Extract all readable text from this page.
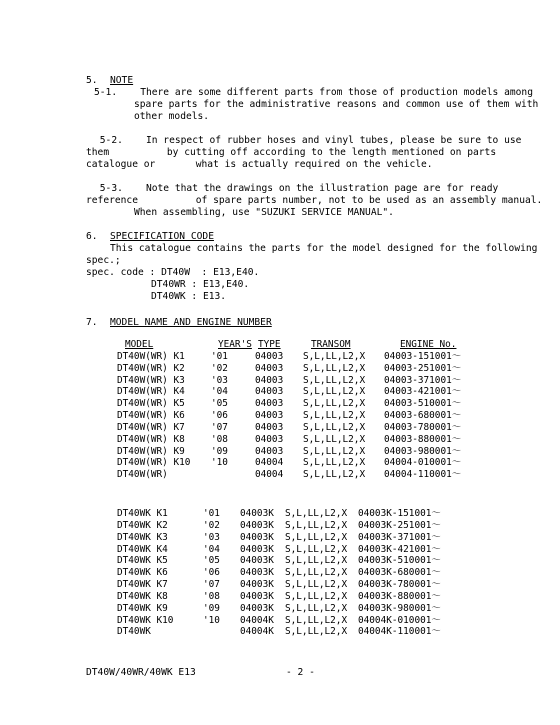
5. NOTE
5-1.    There are some different parts from those of production models among
spare parts for the administrative reasons and common use of them with
other models.
5-2.    In respect of rubber hoses and vinyl tubes, please be sure to use
them          by cutting off according to the length mentioned on parts
catalogue or       what is actually required on the vehicle.
5-3.    Note that the drawings on the illustration page are for ready
reference          of spare parts number, not to be used as an assembly manual.
When assembling, use "SUZUKI SERVICE MANUAL".
6. SPECIFICATION CODE
This catalogue contains the parts for the model designed for the following
spec.;
spec. code : DT40W  : E13,E40.
DT40WR : E13,E40.
DT40WK : E13.
7. MODEL NAME AND ENGINE NUMBER
MODEL	YEAR'S	TYPE	TRANSOM	ENGINE No.
DT40W(WR) K1	'01	04003	S,L,LL,L2,X	04003-151001～
DT40W(WR) K2	'02	04003	S,L,LL,L2,X	04003-251001～
DT40W(WR) K3	'03	04003	S,L,LL,L2,X	04003-371001～
DT40W(WR) K4	'04	04003	S,L,LL,L2,X	04003-421001～
DT40W(WR) K5	'05	04003	S,L,LL,L2,X	04003-510001～
DT40W(WR) K6	'06	04003	S,L,LL,L2,X	04003-680001～
DT40W(WR) K7	'07	04003	S,L,LL,L2,X	04003-780001～
DT40W(WR) K8	'08	04003	S,L,LL,L2,X	04003-880001～
DT40W(WR) K9	'09	04003	S,L,LL,L2,X	04003-980001～
DT40W(WR) K10	'10	04004	S,L,LL,L2,X	04004-010001～
DT40W(WR)		04004	S,L,LL,L2,X	04004-110001～
DT40WK K1	'01	04003K	S,L,LL,L2,X	04003K-151001～
DT40WK K2	'02	04003K	S,L,LL,L2,X	04003K-251001～
DT40WK K3	'03	04003K	S,L,LL,L2,X	04003K-371001～
DT40WK K4	'04	04003K	S,L,LL,L2,X	04003K-421001～
DT40WK K5	'05	04003K	S,L,LL,L2,X	04003K-510001～
DT40WK K6	'06	04003K	S,L,LL,L2,X	04003K-680001～
DT40WK K7	'07	04003K	S,L,LL,L2,X	04003K-780001～
DT40WK K8	'08	04003K	S,L,LL,L2,X	04003K-880001～
DT40WK K9	'09	04003K	S,L,LL,L2,X	04003K-980001～
DT40WK K10	'10	04004K	S,L,LL,L2,X	04004K-010001～
DT40WK		04004K	S,L,LL,L2,X	04004K-110001～
DT40W/40WR/40WK E13	- 2 -
